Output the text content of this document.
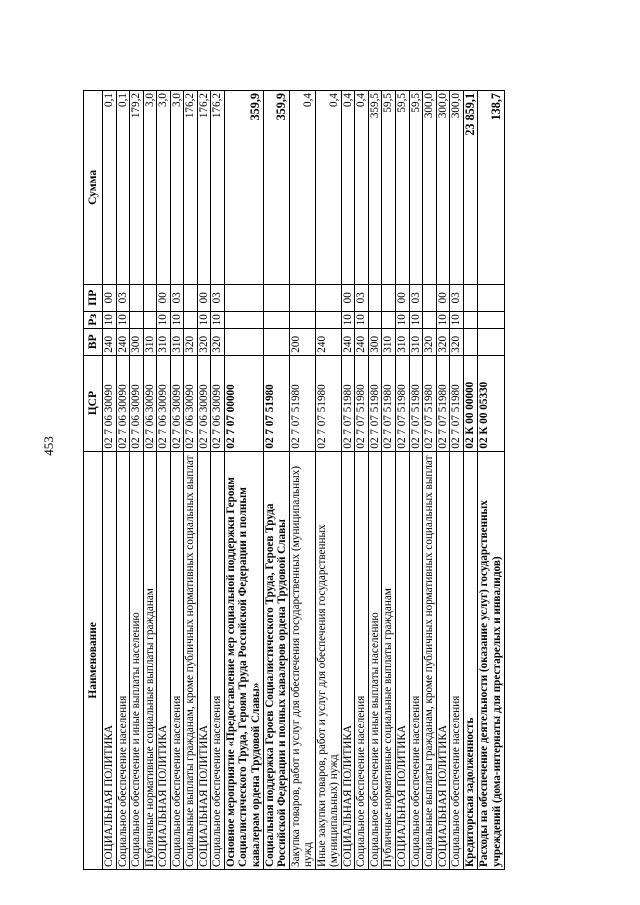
453
Наименование	ЦСР	ВР	Рз	ПР	Сумма
СОЦИАЛЬНАЯ ПОЛИТИКА	02 7 06 30090	240	10	00	0,1
Социальное обеспечение населения	02 7 06 30090	240	10	03	0,1
Социальное обеспечение и иные выплаты населению	02 7 06 30090	300			179,2
Публичные нормативные социальные выплаты гражданам	02 7 06 30090	310			3,0
СОЦИАЛЬНАЯ ПОЛИТИКА	02 7 06 30090	310	10	00	3,0
Социальное обеспечение населения	02 7 06 30090	310	10	03	3,0
Социальные выплаты гражданам, кроме публичных нормативных социальных выплат	02 7 06 30090	320			176,2
СОЦИАЛЬНАЯ ПОЛИТИКА	02 7 06 30090	320	10	00	176,2
Социальное обеспечение населения	02 7 06 30090	320	10	03	176,2
Основное мероприятие «Предоставление мер социальной поддержки Героям Социалистического Труда, Героям Труда Российской Федерации и полным кавалерам ордена Трудовой Славы»	02 7 07 00000				359,9
Социальная поддержка Героев Социалистического Труда, Героев Труда Российской Федерации и полных кавалеров ордена Трудовой Славы	02 7 07 51980				359,9
Закупка товаров, работ и услуг для обеспечения государственных (муниципальных) нужд	02 7 07 51980	200			0,4
Иные закупки товаров, работ и услуг для обеспечения государственных (муниципальных) нужд	02 7 07 51980	240			0,4
СОЦИАЛЬНАЯ ПОЛИТИКА	02 7 07 51980	240	10	00	0,4
Социальное обеспечение населения	02 7 07 51980	240	10	03	0,4
Социальное обеспечение и иные выплаты населению	02 7 07 51980	300			359,5
Публичные нормативные социальные выплаты гражданам	02 7 07 51980	310			59,5
СОЦИАЛЬНАЯ ПОЛИТИКА	02 7 07 51980	310	10	00	59,5
Социальное обеспечение населения	02 7 07 51980	310	10	03	59,5
Социальные выплаты гражданам, кроме публичных нормативных социальных выплат	02 7 07 51980	320			300,0
СОЦИАЛЬНАЯ ПОЛИТИКА	02 7 07 51980	320	10	00	300,0
Социальное обеспечение населения	02 7 07 51980	320	10	03	300,0
Кредиторская задолженность	02 К 00 00000				23 859,1
Расходы на обеспечение деятельности (оказание услуг) государственных учреждений (дома-интернаты для престарелых и инвалидов)	02 К 00 05330				138,7
